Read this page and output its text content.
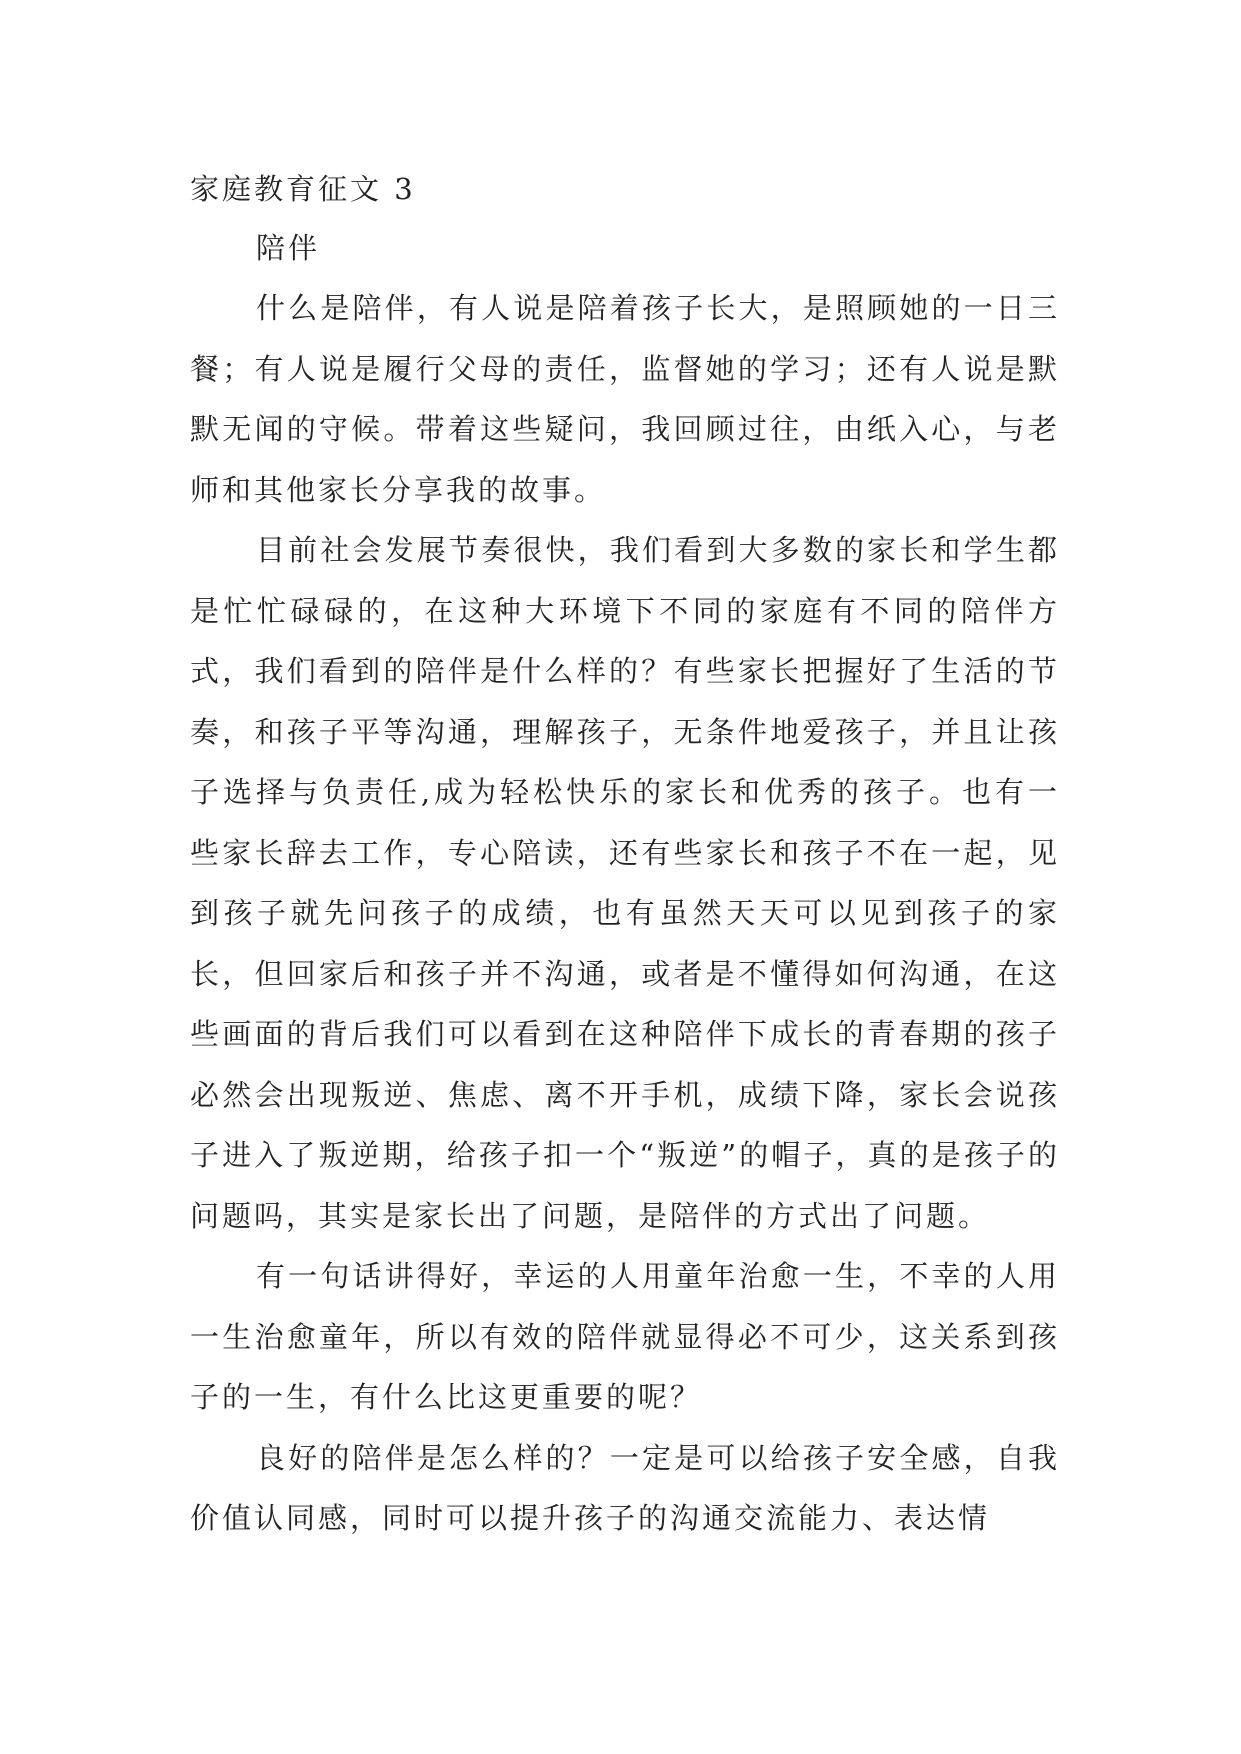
家庭教育征文 3
陪伴

什么是陪伴，有人说是陪着孩子长大，是照顾她的一日三餐；有人说是履行父母的责任，监督她的学习；还有人说是默默无闻的守候。带着这些疑问，我回顾过往，由纸入心，与老师和其他家长分享我的故事。

目前社会发展节奏很快，我们看到大多数的家长和学生都是忙忙碌碌的，在这种大环境下不同的家庭有不同的陪伴方式，我们看到的陪伴是什么样的？有些家长把握好了生活的节奏，和孩子平等沟通，理解孩子，无条件地爱孩子，并且让孩子选择与负责任,成为轻松快乐的家长和优秀的孩子。也有一些家长辞去工作，专心陪读，还有些家长和孩子不在一起，见到孩子就先问孩子的成绩，也有虽然天天可以见到孩子的家长，但回家后和孩子并不沟通，或者是不懂得如何沟通，在这些画面的背后我们可以看到在这种陪伴下成长的青春期的孩子必然会出现叛逆、焦虑、离不开手机，成绩下降，家长会说孩子进入了叛逆期，给孩子扣一个“叛逆”的帽子，真的是孩子的问题吗，其实是家长出了问题，是陪伴的方式出了问题。

有一句话讲得好，幸运的人用童年治愈一生，不幸的人用一生治愈童年，所以有效的陪伴就显得必不可少，这关系到孩子的一生，有什么比这更重要的呢？

良好的陪伴是怎么样的？一定是可以给孩子安全感，自我价值认同感，同时可以提升孩子的沟通交流能力、表达情
